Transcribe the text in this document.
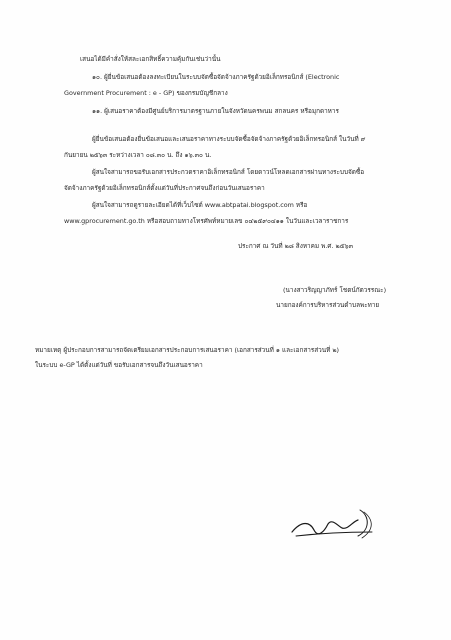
เสนอได้มีคำสั่งให้สละเอกสิทธิ์ความคุ้มกันเช่นว่านั้น
๑๐. ผู้ยื่นข้อเสนอต้องลงทะเบียนในระบบจัดซื้อจัดจ้างภาครัฐด้วยอิเล็กทรอนิกส์ (Electronic
Government Procurement : e - GP) ของกรมบัญชีกลาง
๑๑. ผู้เสนอราคาต้องมีศูนย์บริการมาตรฐานภายในจังหวัดนครพนม สกลนคร หรือมุกดาหาร
ผู้ยื่นข้อเสนอต้องยื่นข้อเสนอและเสนอราคาทางระบบจัดซื้อจัดจ้างภาครัฐด้วยอิเล็กทรอนิกส์ ในวันที่ ๙
กันยายน ๒๕๖๓ ระหว่างเวลา ๐๘.๓๐ น. ถึง ๑๖.๓๐ น.
ผู้สนใจสามารถขอรับเอกสารประกวดราคาอิเล็กทรอนิกส์ โดยดาวน์โหลดเอกสารผ่านทางระบบจัดซื้อ
จัดจ้างภาครัฐด้วยอิเล็กทรอนิกส์ตั้งแต่วันที่ประกาศจนถึงก่อนวันเสนอราคา
ผู้สนใจสามารถดูรายละเอียดได้ที่เว็บไซต์ www.abtpatai.blogspot.com หรือ
www.gprocurement.go.th หรือสอบถามทางโทรศัพท์หมายเลข ๐๔๒๕๙๐๔๑๑ ในวันและเวลาราชการ
ประกาศ ณ วันที่ ๒๘ สิงหาคม พ.ศ. ๒๕๖๓
(นางสาวริญญาภัทร์ โชตน์กัตวรรณะ)
นายกองค์การบริหารส่วนตำบลพะทาย
หมายเหตุ ผู้ประกอบการสามารถจัดเตรียมเอกสารประกอบการเสนอราคา (เอกสารส่วนที่ ๑ และเอกสารส่วนที่ ๒)
ในระบบ e-GP ได้ตั้งแต่วันที่ ขอรับเอกสารจนถึงวันเสนอราคา
